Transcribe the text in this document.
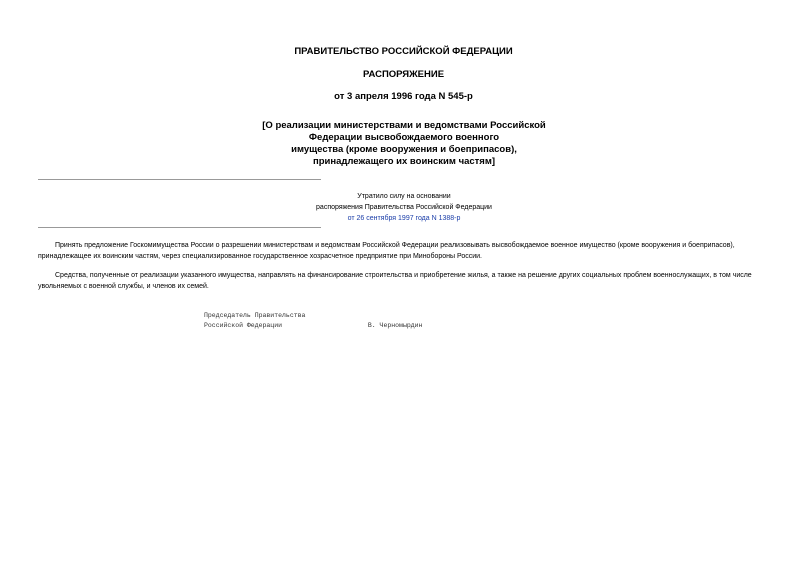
ПРАВИТЕЛЬСТВО РОССИЙСКОЙ ФЕДЕРАЦИИ
РАСПОРЯЖЕНИЕ
от 3 апреля 1996 года N 545-р
[О реализации министерствами и ведомствами Российской
Федерации высвобождаемого военного
имущества (кроме вооружения и боеприпасов),
принадлежащего их воинским частям]
Утратило силу на основании
распоряжения Правительства Российской Федерации
от 26 сентября 1997 года N 1388-р
Принять предложение Госкомимущества России о разрешении министерствам и ведомствам Российской Федерации реализовывать высвобождаемое военное имущество (кроме вооружения и боеприпасов),
принадлежащее их воинским частям, через специализированное государственное хозрасчетное предприятие при Минобороны России.
Средства, полученные от реализации указанного имущества, направлять на финансирование строительства и приобретение жилья, а также на решение других социальных проблем военнослужащих, в том числе
увольняемых с военной службы, и членов их семей.
Председатель Правительства
Российской Федерации	В. Черномырдин
